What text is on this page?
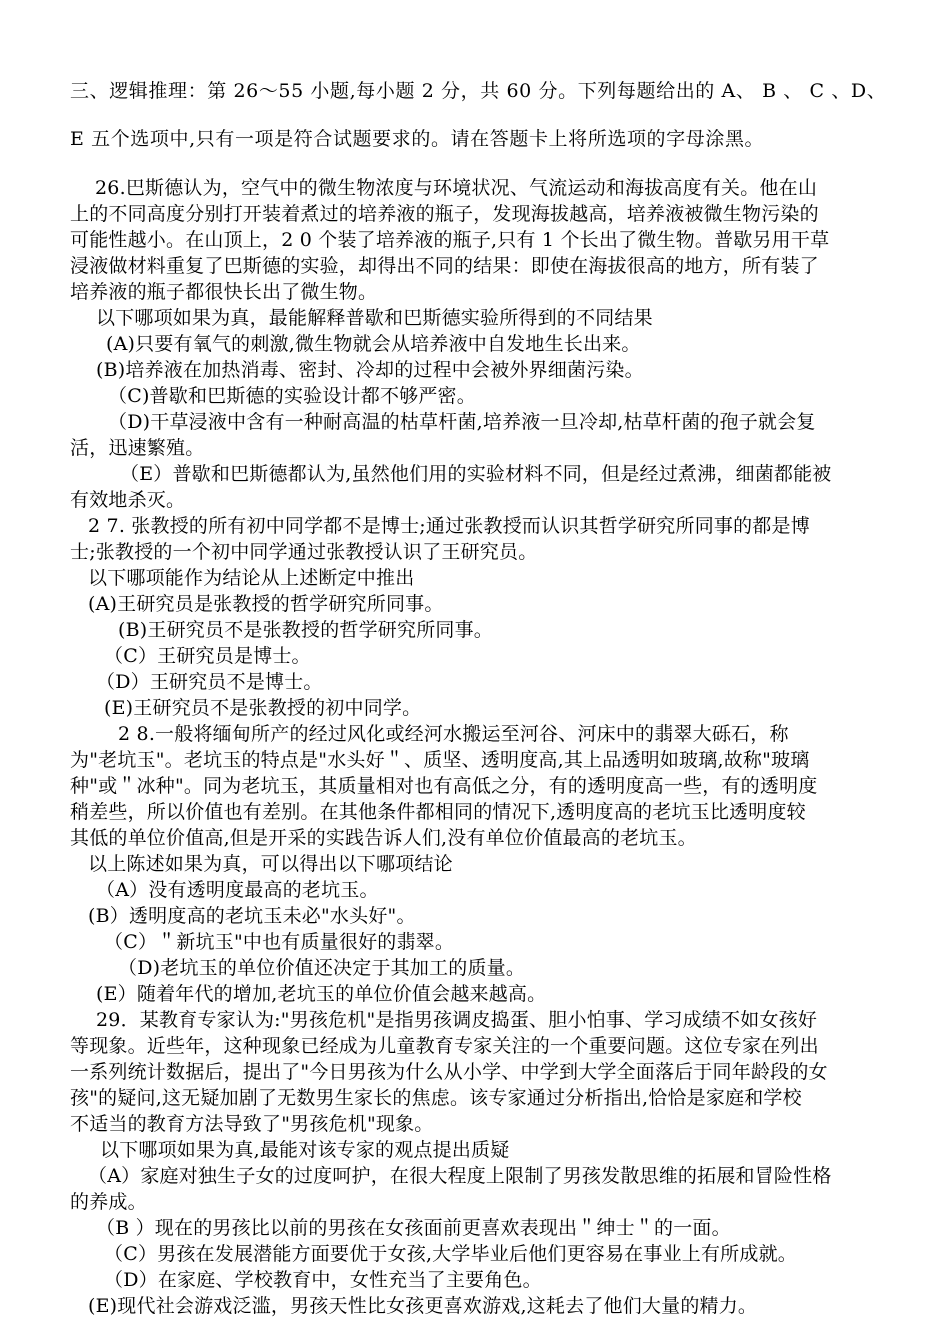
三、逻辑推理：第 26～55 小题,每小题 2 分，共 60 分。下列每题给出的 A、 B 、 C 、D、
E 五个选项中,只有一项是符合试题要求的。请在答题卡上将所选项的字母涂黑。
26.巴斯德认为，空气中的微生物浓度与环境状况、气流运动和海拔高度有关。他在山
上的不同高度分别打开装着煮过的培养液的瓶子，发现海拔越高，培养液被微生物污染的
可能性越小。在山顶上，2 0 个装了培养液的瓶子,只有 1 个长出了微生物。普歇另用干草
浸液做材料重复了巴斯德的实验，却得出不同的结果：即使在海拔很高的地方，所有装了
培养液的瓶子都很快长出了微生物。
以下哪项如果为真，最能解释普歇和巴斯德实验所得到的不同结果
(A)只要有氧气的刺激,微生物就会从培养液中自发地生长出来。
(B)培养液在加热消毒、密封、冷却的过程中会被外界细菌污染。
（C)普歇和巴斯德的实验设计都不够严密。
（D)干草浸液中含有一种耐高温的枯草杆菌,培养液一旦冷却,枯草杆菌的孢子就会复
活，迅速繁殖。
（E）普歇和巴斯德都认为,虽然他们用的实验材料不同，但是经过煮沸，细菌都能被
有效地杀灭。
2 7. 张教授的所有初中同学都不是博士;通过张教授而认识其哲学研究所同事的都是博
士;张教授的一个初中同学通过张教授认识了王研究员。
以下哪项能作为结论从上述断定中推出
(A)王研究员是张教授的哲学研究所同事。
(B)王研究员不是张教授的哲学研究所同事。
（C）王研究员是博士。
（D）王研究员不是博士。
(E)王研究员不是张教授的初中同学。
2 8.一般将缅甸所产的经过风化或经河水搬运至河谷、河床中的翡翠大砾石，称
为"老坑玉"。老坑玉的特点是"水头好＂、质坚、透明度高,其上品透明如玻璃,故称"玻璃
种"或＂冰种"。同为老坑玉，其质量相对也有高低之分，有的透明度高一些，有的透明度
稍差些，所以价值也有差别。在其他条件都相同的情况下,透明度高的老坑玉比透明度较
其低的单位价值高,但是开采的实践告诉人们,没有单位价值最高的老坑玉。
以上陈述如果为真，可以得出以下哪项结论
（A）没有透明度最高的老坑玉。
(B）透明度高的老坑玉未必"水头好"。
（C）＂新坑玉"中也有质量很好的翡翠。
（D)老坑玉的单位价值还决定于其加工的质量。
(E）随着年代的增加,老坑玉的单位价值会越来越高。
29．某教育专家认为:"男孩危机"是指男孩调皮捣蛋、胆小怕事、学习成绩不如女孩好
等现象。近些年，这种现象已经成为儿童教育专家关注的一个重要问题。这位专家在列出
一系列统计数据后，提出了"今日男孩为什么从小学、中学到大学全面落后于同年龄段的女
孩"的疑问,这无疑加剧了无数男生家长的焦虑。该专家通过分析指出,恰恰是家庭和学校
不适当的教育方法导致了"男孩危机"现象。
以下哪项如果为真,最能对该专家的观点提出质疑
（A）家庭对独生子女的过度呵护，在很大程度上限制了男孩发散思维的拓展和冒险性格
的养成。
（B ）现在的男孩比以前的男孩在女孩面前更喜欢表现出＂绅士＂的一面。
（C）男孩在发展潜能方面要优于女孩,大学毕业后他们更容易在事业上有所成就。
（D）在家庭、学校教育中，女性充当了主要角色。
(E)现代社会游戏泛滥，男孩天性比女孩更喜欢游戏,这耗去了他们大量的精力。
